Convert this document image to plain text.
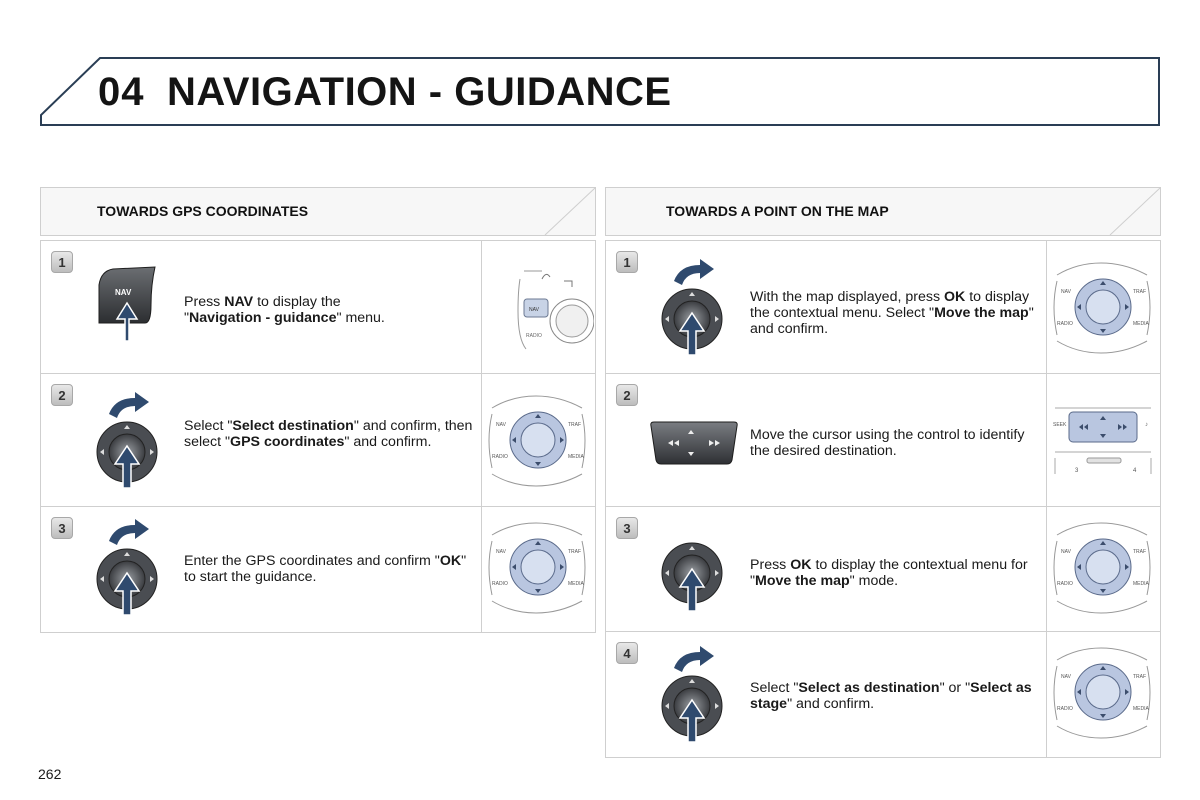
04 NAVIGATION - GUIDANCE
TOWARDS GPS COORDINATES	TOWARDS A POINT ON THE MAP
1
NAV
Press NAV to display the
"Navigation - guidance" menu.	NAV
RADIO
2
Select "Select destination" and confirm, then select "GPS coordinates" and confirm.
NAV	TRAF
RADIO	MEDIA
3
Enter the GPS coordinates and confirm "OK" to start the guidance.
NAV	TRAF
RADIO	MEDIA
1
With the map displayed, press OK to display the contextual menu. Select "Move the map" and confirm.
NAV	TRAF
RADIO	MEDIA
2
Move the cursor using the control to identify the desired destination.
SEEK	♪
3	4
3
Press OK to display the contextual menu for "Move the map" mode.
NAV	TRAF
RADIO	MEDIA
4
Select "Select as destination" or "Select as stage" and confirm.
NAV	TRAF
RADIO	MEDIA
262
